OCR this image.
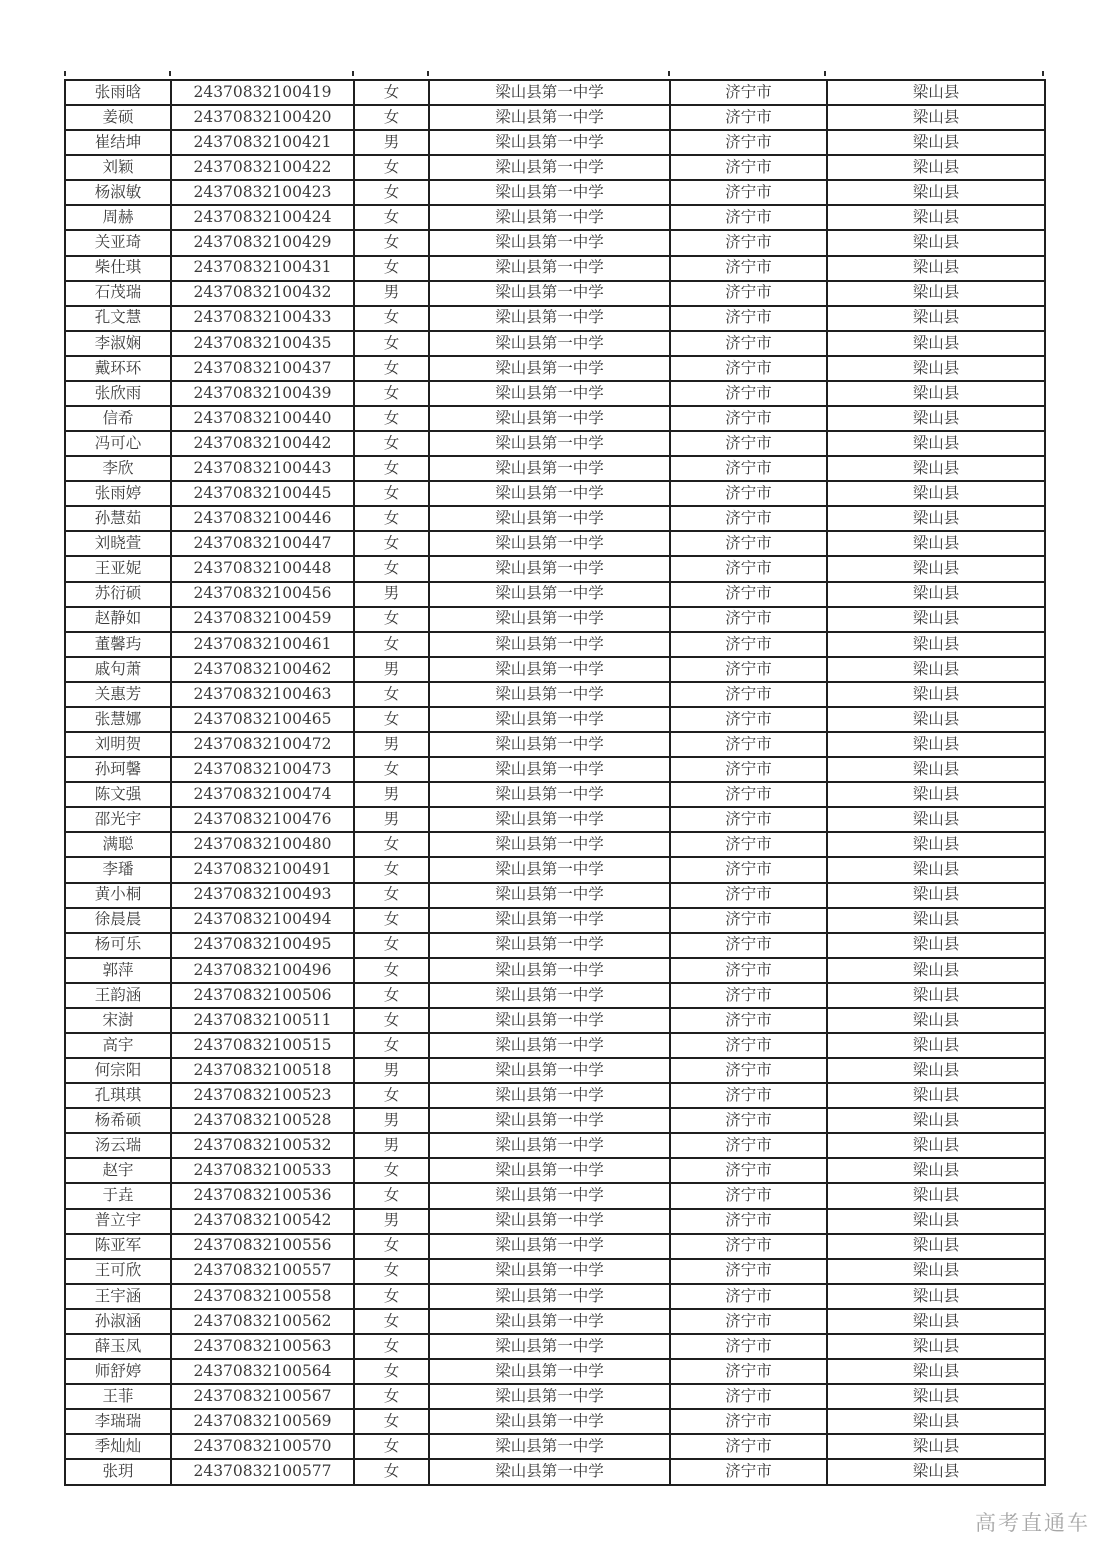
张雨晗	24370832100419	女	梁山县第一中学	济宁市	梁山县
姜硕	24370832100420	女	梁山县第一中学	济宁市	梁山县
崔结坤	24370832100421	男	梁山县第一中学	济宁市	梁山县
刘颖	24370832100422	女	梁山县第一中学	济宁市	梁山县
杨淑敏	24370832100423	女	梁山县第一中学	济宁市	梁山县
周赫	24370832100424	女	梁山县第一中学	济宁市	梁山县
关亚琦	24370832100429	女	梁山县第一中学	济宁市	梁山县
柴仕琪	24370832100431	女	梁山县第一中学	济宁市	梁山县
石茂瑞	24370832100432	男	梁山县第一中学	济宁市	梁山县
孔文慧	24370832100433	女	梁山县第一中学	济宁市	梁山县
李淑娴	24370832100435	女	梁山县第一中学	济宁市	梁山县
戴环环	24370832100437	女	梁山县第一中学	济宁市	梁山县
张欣雨	24370832100439	女	梁山县第一中学	济宁市	梁山县
信希	24370832100440	女	梁山县第一中学	济宁市	梁山县
冯可心	24370832100442	女	梁山县第一中学	济宁市	梁山县
李欣	24370832100443	女	梁山县第一中学	济宁市	梁山县
张雨婷	24370832100445	女	梁山县第一中学	济宁市	梁山县
孙慧茹	24370832100446	女	梁山县第一中学	济宁市	梁山县
刘晓萱	24370832100447	女	梁山县第一中学	济宁市	梁山县
王亚妮	24370832100448	女	梁山县第一中学	济宁市	梁山县
苏衍硕	24370832100456	男	梁山县第一中学	济宁市	梁山县
赵静如	24370832100459	女	梁山县第一中学	济宁市	梁山县
董馨玙	24370832100461	女	梁山县第一中学	济宁市	梁山县
戚句萧	24370832100462	男	梁山县第一中学	济宁市	梁山县
关惠芳	24370832100463	女	梁山县第一中学	济宁市	梁山县
张慧娜	24370832100465	女	梁山县第一中学	济宁市	梁山县
刘明贺	24370832100472	男	梁山县第一中学	济宁市	梁山县
孙珂馨	24370832100473	女	梁山县第一中学	济宁市	梁山县
陈文强	24370832100474	男	梁山县第一中学	济宁市	梁山县
邵光宇	24370832100476	男	梁山县第一中学	济宁市	梁山县
满聪	24370832100480	女	梁山县第一中学	济宁市	梁山县
李璠	24370832100491	女	梁山县第一中学	济宁市	梁山县
黄小桐	24370832100493	女	梁山县第一中学	济宁市	梁山县
徐晨晨	24370832100494	女	梁山县第一中学	济宁市	梁山县
杨可乐	24370832100495	女	梁山县第一中学	济宁市	梁山县
郭萍	24370832100496	女	梁山县第一中学	济宁市	梁山县
王韵涵	24370832100506	女	梁山县第一中学	济宁市	梁山县
宋澍	24370832100511	女	梁山县第一中学	济宁市	梁山县
高宇	24370832100515	女	梁山县第一中学	济宁市	梁山县
何宗阳	24370832100518	男	梁山县第一中学	济宁市	梁山县
孔琪琪	24370832100523	女	梁山县第一中学	济宁市	梁山县
杨希硕	24370832100528	男	梁山县第一中学	济宁市	梁山县
汤云瑞	24370832100532	男	梁山县第一中学	济宁市	梁山县
赵宇	24370832100533	女	梁山县第一中学	济宁市	梁山县
于垚	24370832100536	女	梁山县第一中学	济宁市	梁山县
普立宇	24370832100542	男	梁山县第一中学	济宁市	梁山县
陈亚军	24370832100556	女	梁山县第一中学	济宁市	梁山县
王可欣	24370832100557	女	梁山县第一中学	济宁市	梁山县
王宇涵	24370832100558	女	梁山县第一中学	济宁市	梁山县
孙淑涵	24370832100562	女	梁山县第一中学	济宁市	梁山县
薛玉凤	24370832100563	女	梁山县第一中学	济宁市	梁山县
师舒婷	24370832100564	女	梁山县第一中学	济宁市	梁山县
王菲	24370832100567	女	梁山县第一中学	济宁市	梁山县
李瑞瑞	24370832100569	女	梁山县第一中学	济宁市	梁山县
季灿灿	24370832100570	女	梁山县第一中学	济宁市	梁山县
张玥	24370832100577	女	梁山县第一中学	济宁市	梁山县
高考直通车
